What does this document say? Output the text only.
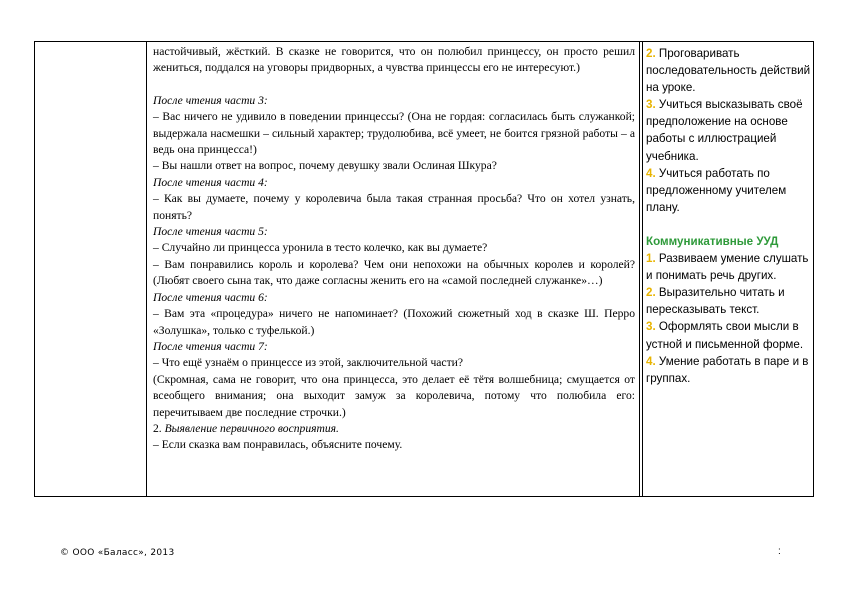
настойчивый, жёсткий. В сказке не говорится, что он полюбил принцессу, он просто решил жениться, поддался на уговоры придворных, а чувства принцессы его не интересуют.)

После чтения части 3:

– Вас ничего не удивило в поведении принцессы? (Она не гордая: согласилась быть служанкой; выдержала насмешки – сильный характер; трудолюбива, всё умеет, не боится грязной работы – а ведь она принцесса!)

– Вы нашли ответ на вопрос, почему девушку звали Ослиная Шкура?

После чтения части 4:

– Как вы думаете, почему у королевича была такая странная просьба? Что он хотел узнать, понять?

После чтения части 5:

– Случайно ли принцесса уронила в тесто колечко, как вы думаете?

– Вам понравились король и королева? Чем они непохожи на обычных королев и королей? (Любят своего сына так, что даже согласны женить его на «самой последней служанке»…)

После чтения части 6:

– Вам эта «процедура» ничего не напоминает? (Похожий сюжетный ход в сказке Ш. Перро «Золушка», только с туфелькой.)

После чтения части 7:

– Что ещё узнаём о принцессе из этой, заключительной части?

(Скромная, сама не говорит, что она принцесса, это делает её тётя волшебница; смущается от всеобщего внимания; она выходит замуж за королевича, потому что полюбила его: перечитываем две последние строчки.)

2. Выявление первичного восприятия.

– Если сказка вам понравилась, объясните почему.

2. Проговаривать последовательность действий на уроке.

3. Учиться высказывать своё предположение на основе работы с иллюстрацией учебника.

4. Учиться работать по предложенному учителем плану.

Коммуникативные УУД

1. Развиваем умение слушать и понимать речь других.

2. Выразительно читать и пересказывать текст.

3. Оформлять свои мысли в устной и письменной форме.

4. Умение работать в паре и в группах.

© ООО «Баласс», 2013	:
